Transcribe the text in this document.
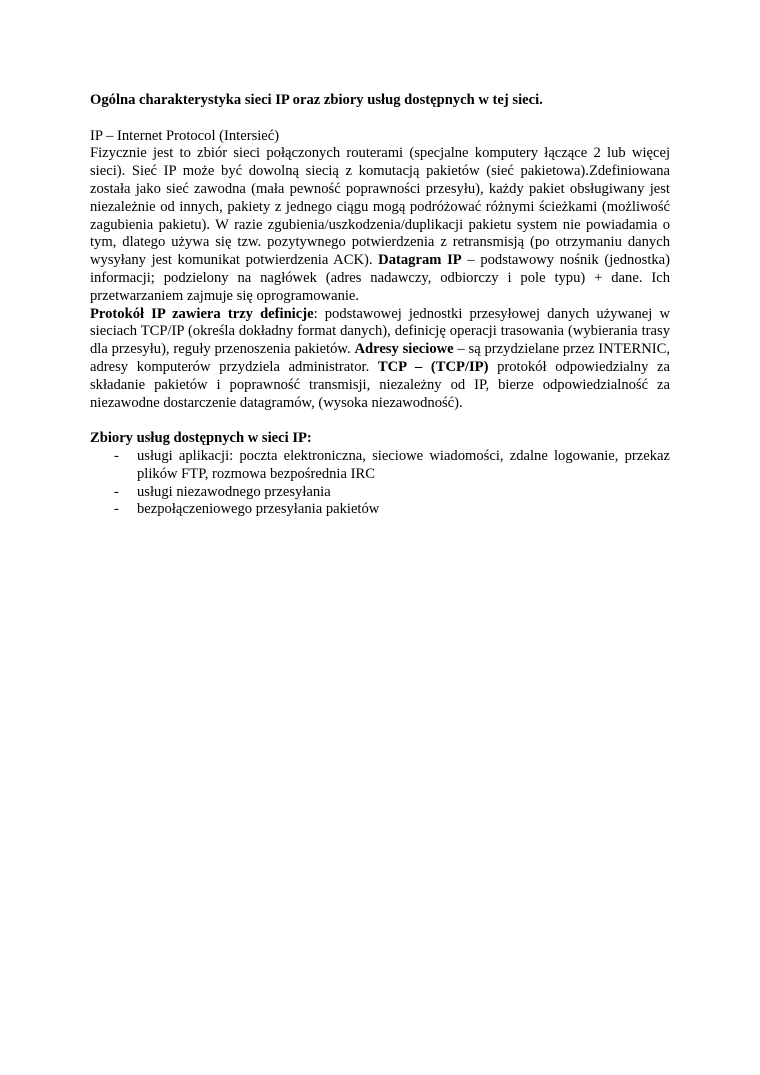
Ogólna charakterystyka sieci IP oraz zbiory usług dostępnych w tej sieci.
IP – Internet Protocol (Intersieć)

Fizycznie jest to zbiór sieci połączonych routerami (specjalne komputery łączące 2 lub więcej sieci). Sieć IP może być dowolną siecią z komutacją pakietów (sieć pakietowa).Zdefiniowana została jako sieć zawodna (mała pewność poprawności przesyłu), każdy pakiet obsługiwany jest niezależnie od innych, pakiety z jednego ciągu mogą podróżować różnymi ścieżkami (możliwość zagubienia pakietu). W razie zgubienia/uszkodzenia/duplikacji pakietu system nie powiadamia o tym, dlatego używa się tzw. pozytywnego potwierdzenia z retransmisją (po otrzymaniu danych wysyłany jest komunikat potwierdzenia ACK). Datagram IP – podstawowy nośnik (jednostka) informacji; podzielony na nagłówek (adres nadawczy, odbiorczy i pole typu) + dane. Ich przetwarzaniem zajmuje się oprogramowanie.

Protokół IP zawiera trzy definicje: podstawowej jednostki przesyłowej danych używanej w sieciach TCP/IP (określa dokładny format danych), definicję operacji trasowania (wybierania trasy dla przesyłu), reguły przenoszenia pakietów. Adresy sieciowe – są przydzielane przez INTERNIC, adresy komputerów przydziela administrator. TCP – (TCP/IP) protokół odpowiedzialny za składanie pakietów i poprawność transmisji, niezależny od IP, bierze odpowiedzialność za niezawodne dostarczenie datagramów, (wysoka niezawodność).

Zbiory usług dostępnych w sieci IP:
- usługi aplikacji: poczta elektroniczna, sieciowe wiadomości, zdalne logowanie, przekaz plików FTP, rozmowa bezpośrednia IRC
- usługi niezawodnego przesyłania
- bezpołączeniowego przesyłania pakietów
